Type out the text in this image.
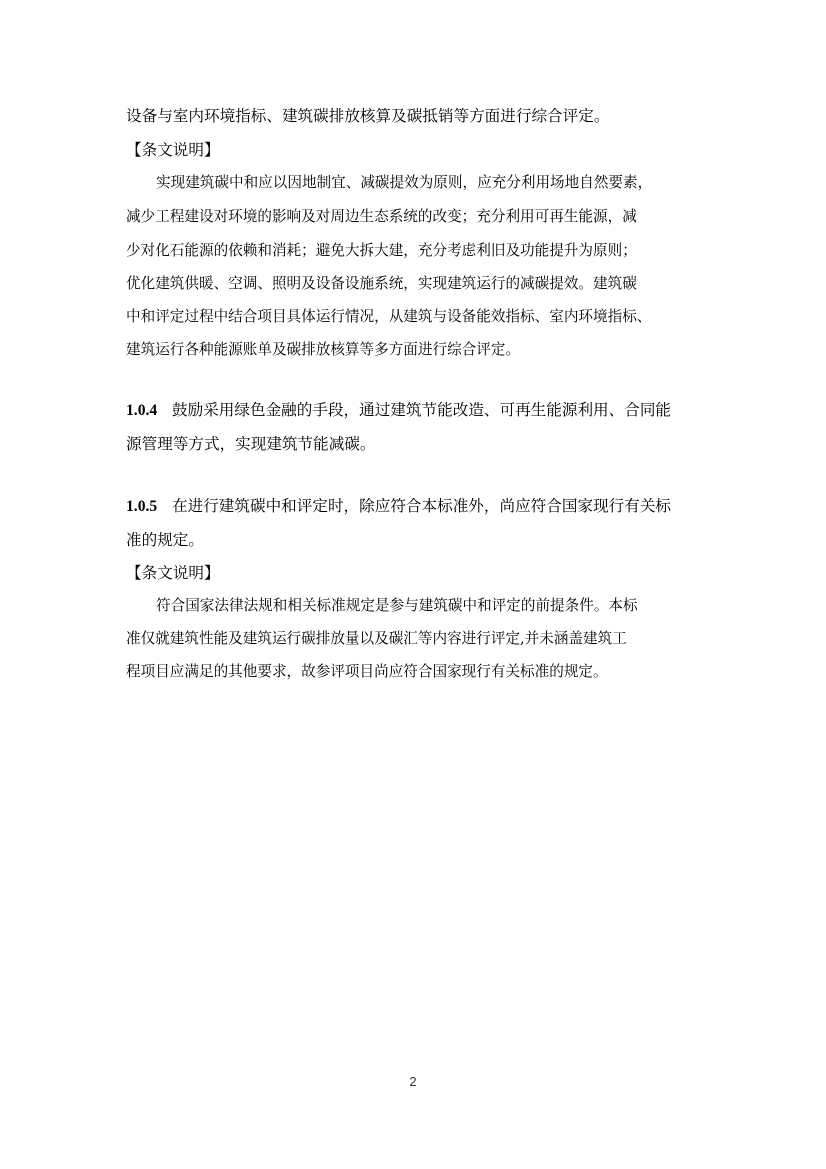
设备与室内环境指标、建筑碳排放核算及碳抵销等方面进行综合评定。
【条文说明】
实现建筑碳中和应以因地制宜、减碳提效为原则，应充分利用场地自然要素，
减少工程建设对环境的影响及对周边生态系统的改变；充分利用可再生能源，减
少对化石能源的依赖和消耗；避免大拆大建，充分考虑利旧及功能提升为原则；
优化建筑供暖、空调、照明及设备设施系统，实现建筑运行的减碳提效。建筑碳
中和评定过程中结合项目具体运行情况，从建筑与设备能效指标、室内环境指标、
建筑运行各种能源账单及碳排放核算等多方面进行综合评定。
1.0.4 鼓励采用绿色金融的手段，通过建筑节能改造、可再生能源利用、合同能
源管理等方式，实现建筑节能减碳。
1.0.5 在进行建筑碳中和评定时，除应符合本标准外，尚应符合国家现行有关标
准的规定。
【条文说明】
符合国家法律法规和相关标准规定是参与建筑碳中和评定的前提条件。本标
准仅就建筑性能及建筑运行碳排放量以及碳汇等内容进行评定,并未涵盖建筑工
程项目应满足的其他要求，故参评项目尚应符合国家现行有关标准的规定。
2
